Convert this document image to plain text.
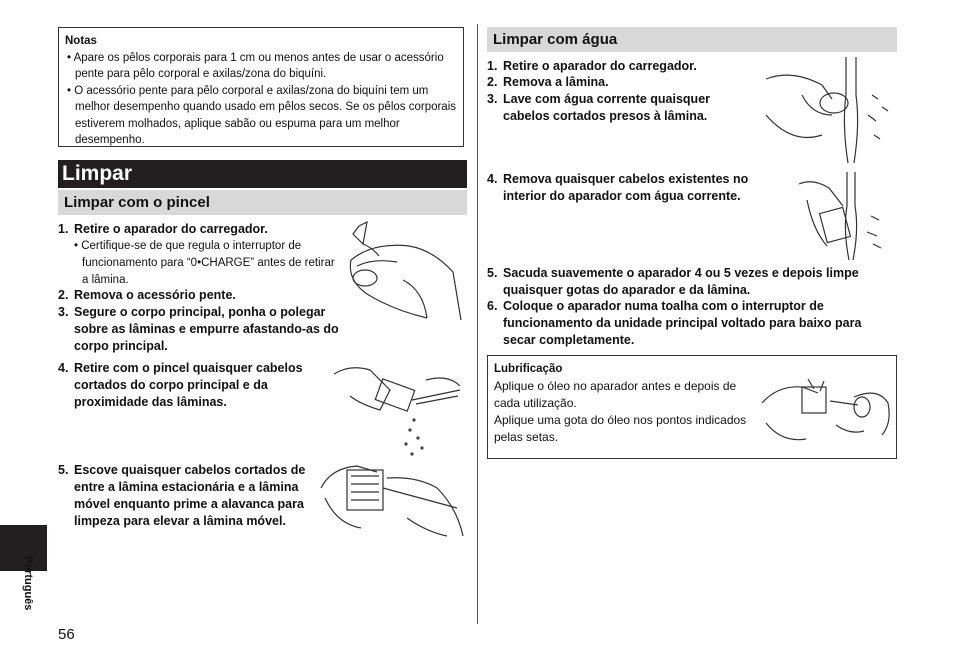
Notas
• Apare os pêlos corporais para 1 cm ou menos antes de usar o acessório pente para pêlo corporal e axilas/zona do biquíni.
• O acessório pente para pêlo corporal e axilas/zona do biquíni tem um melhor desempenho quando usado em pêlos secos. Se os pêlos corporais estiverem molhados, aplique sabão ou espuma para um melhor desempenho.
Limpar
Limpar com o pincel
1. Retire o aparador do carregador.
• Certifique-se de que regula o interruptor de funcionamento para “0•CHARGE” antes de retirar a lâmina.
2. Remova o acessório pente.
3. Segure o corpo principal, ponha o polegar sobre as lâminas e empurre afastando-as do corpo principal.
4. Retire com o pincel quaisquer cabelos cortados do corpo principal e da proximidade das lâminas.
5. Escove quaisquer cabelos cortados de entre a lâmina estacionária e a lâmina móvel enquanto prime a alavanca para limpeza para elevar a lâmina móvel.
Limpar com água
1. Retire o aparador do carregador.
2. Remova a lâmina.
3. Lave com água corrente quaisquer cabelos cortados presos à lâmina.
4. Remova quaisquer cabelos existentes no interior do aparador com água corrente.
5. Sacuda suavemente o aparador 4 ou 5 vezes e depois limpe quaisquer gotas do aparador e da lâmina.
6. Coloque o aparador numa toalha com o interruptor de funcionamento da unidade principal voltado para baixo para secar completamente.
Lubrificação
Aplique o óleo no aparador antes e depois de cada utilização.
Aplique uma gota do óleo nos pontos indicados pelas setas.
Português
56
